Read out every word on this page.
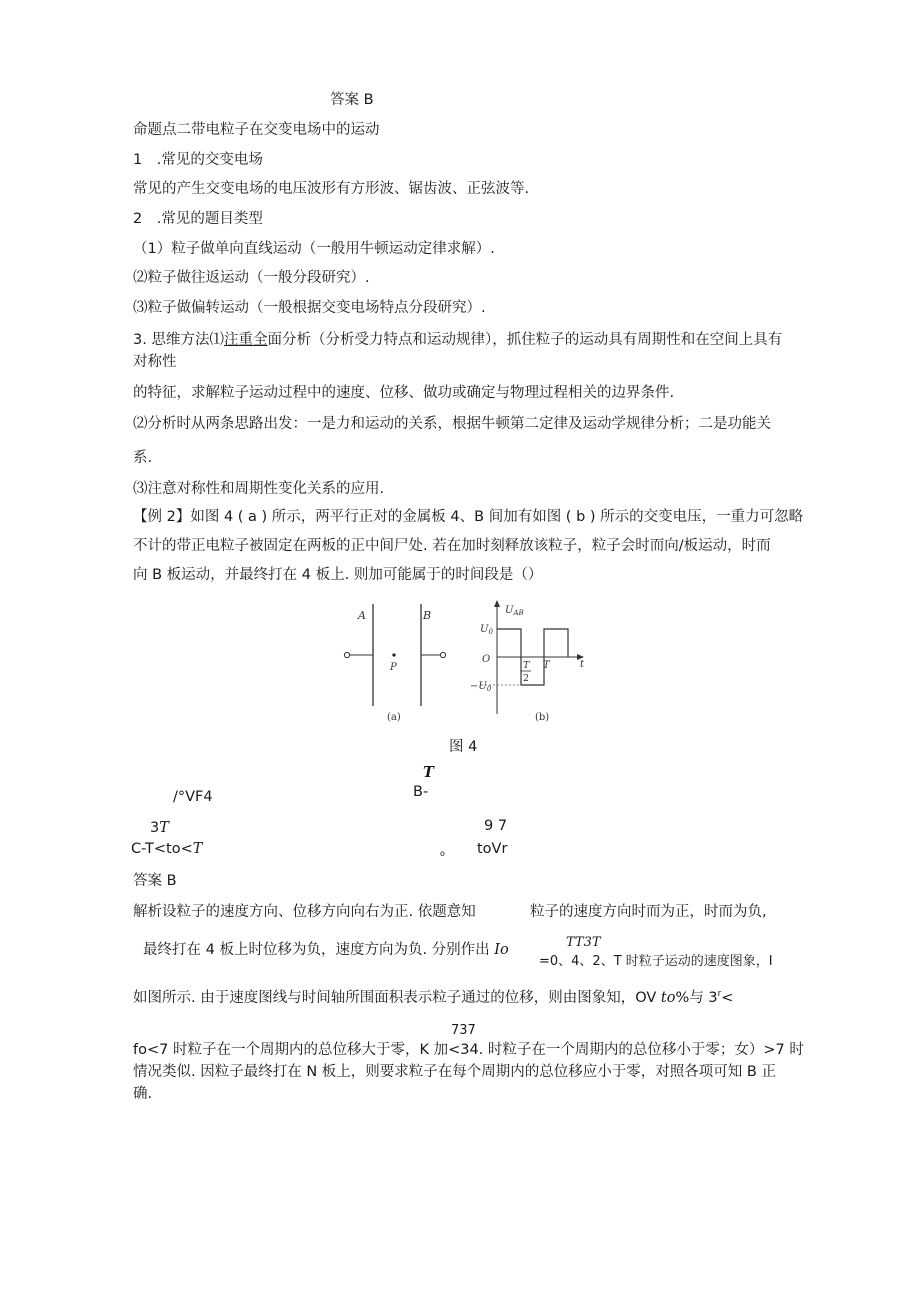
答案 B
命题点二带电粒子在交变电场中的运动
1　.常见的交变电场
常见的产生交变电场的电压波形有方形波、锯齿波、正弦波等.
2　.常见的题目类型
（1）粒子做单向直线运动（一般用牛顿运动定律求解）.
⑵粒子做往返运动（一般分段研究）.
⑶粒子做偏转运动（一般根据交变电场特点分段研究）.
3. 思维方法⑴注重全面分析（分析受力特点和运动规律），抓住粒子的运动具有周期性和在空间上具有
对称性
的特征，求解粒子运动过程中的速度、位移、做功或确定与物理过程相关的边界条件.
⑵分析时从两条思路出发：一是力和运动的关系，根据牛顿第二定律及运动学规律分析；二是功能关
系.
⑶注意对称性和周期性变化关系的应用.
【例 2】如图 4 ( a ) 所示，两平行正对的金属板 4、B 间加有如图 ( b ) 所示的交变电压，一重力可忽略
不计的带正电粒子被固定在两板的正中间尸处. 若在加时刻释放该粒子，粒子会时而向/板运动，时而
向 B 板运动，并最终打在 4 板上. 则加可能属于的时间段是（）
A	B
P
(a)
$U_{AB}$
$U_0$
O
$-U_0$
T
2
T	t
(b)
图 4
T
B-
/°VF4
3T	9 7
C-T<to<T	o toVr
答案 B
解析设粒子的速度方向、位移方向向右为正. 依题意知	粒子的速度方向时而为正，时而为负,
最终打在 4 板上时位移为负，速度方向为负. 分别作出 Io	TT3T
=0、4、2、T 时粒子运动的速度图象，I
如图所示. 由于速度图线与时间轴所围面积表示粒子通过的位移，则由图象知，OV to%与 $3^r<$
737
fo<7 时粒子在一个周期内的总位移大于零，K 加<34. 时粒子在一个周期内的总位移小于零；女）>7 时
情况类似. 因粒子最终打在 N 板上，则要求粒子在每个周期内的总位移应小于零，对照各项可知 B 正
确.
